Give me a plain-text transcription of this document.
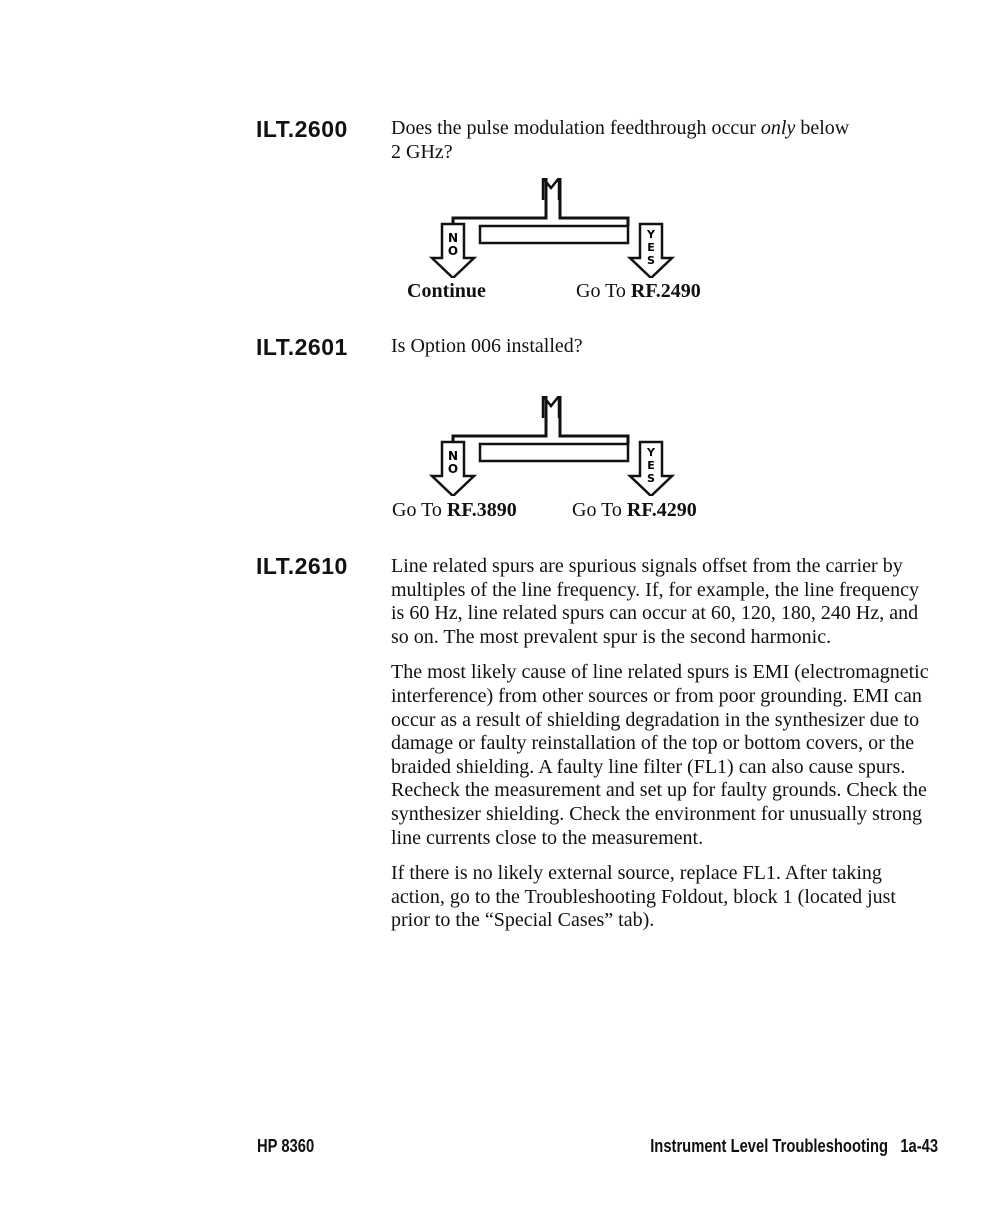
ILT.2600 Does the pulse modulation feedthrough occur only below
2 GHz?
N
O
Y
E
S
Continue	Go To RF.2490
ILT.2601 Is Option 006 installed?
N
O
Y
E
S
Go To RF.3890	Go To RF.4290
ILT.2610 Line related spurs are spurious signals offset from the carrier by multiples of the line frequency. If, for example, the line frequency is 60 Hz, line related spurs can occur at 60, 120, 180, 240 Hz, and so on. The most prevalent spur is the second harmonic.

The most likely cause of line related spurs is EMI (electromagnetic interference) from other sources or from poor grounding. EMI can occur as a result of shielding degradation in the synthesizer due to damage or faulty reinstallation of the top or bottom covers, or the braided shielding. A faulty line filter (FL1) can also cause spurs. Recheck the measurement and set up for faulty grounds. Check the synthesizer shielding. Check the environment for unusually strong line currents close to the measurement.

If there is no likely external source, replace FL1. After taking action, go to the Troubleshooting Foldout, block 1 (located just prior to the “Special Cases” tab).

HP 8360	Instrument Level Troubleshooting 1a-43
